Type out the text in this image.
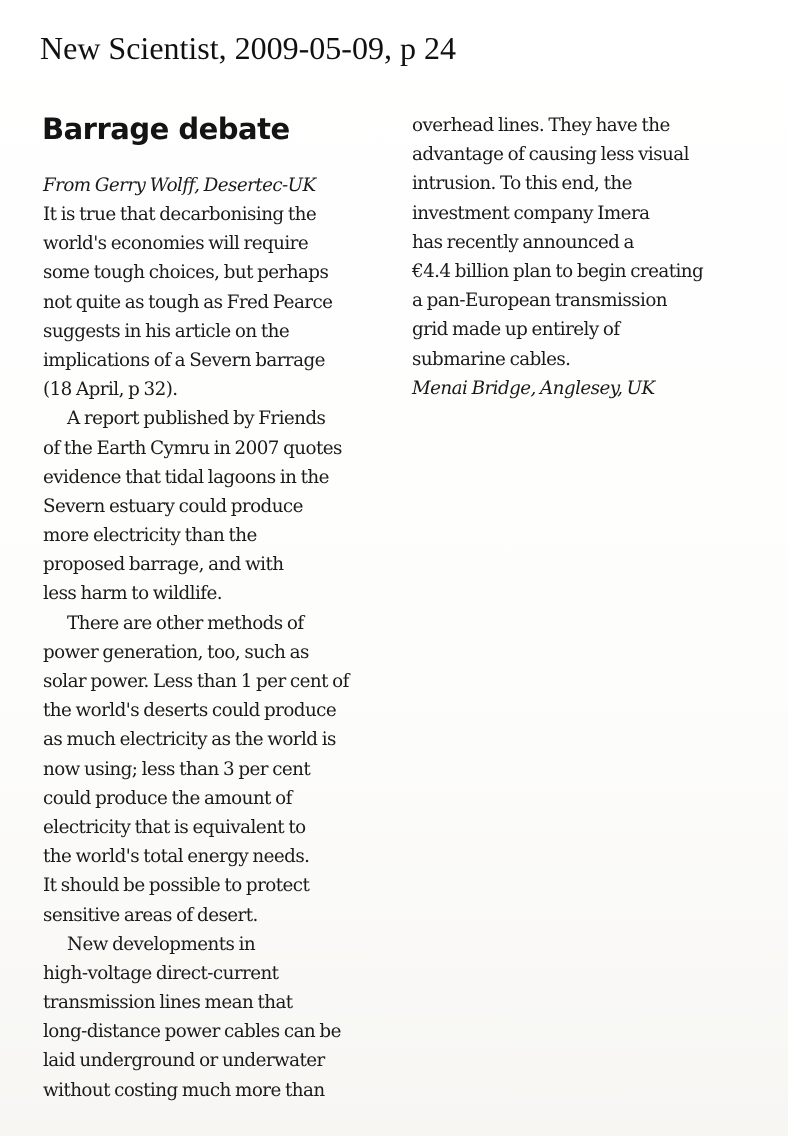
New Scientist, 2009-05-09, p 24
Barrage debate
From Gerry Wolff, Desertec-UK
It is true that decarbonising the
world's economies will require
some tough choices, but perhaps
not quite as tough as Fred Pearce
suggests in his article on the
implications of a Severn barrage
(18 April, p 32).
A report published by Friends
of the Earth Cymru in 2007 quotes
evidence that tidal lagoons in the
Severn estuary could produce
more electricity than the
proposed barrage, and with
less harm to wildlife.
There are other methods of
power generation, too, such as
solar power. Less than 1 per cent of
the world's deserts could produce
as much electricity as the world is
now using; less than 3 per cent
could produce the amount of
electricity that is equivalent to
the world's total energy needs.
It should be possible to protect
sensitive areas of desert.
New developments in
high-voltage direct-current
transmission lines mean that
long-distance power cables can be
laid underground or underwater
without costing much more than
overhead lines. They have the
advantage of causing less visual
intrusion. To this end, the
investment company Imera
has recently announced a
€4.4 billion plan to begin creating
a pan-European transmission
grid made up entirely of
submarine cables.
Menai Bridge, Anglesey, UK
